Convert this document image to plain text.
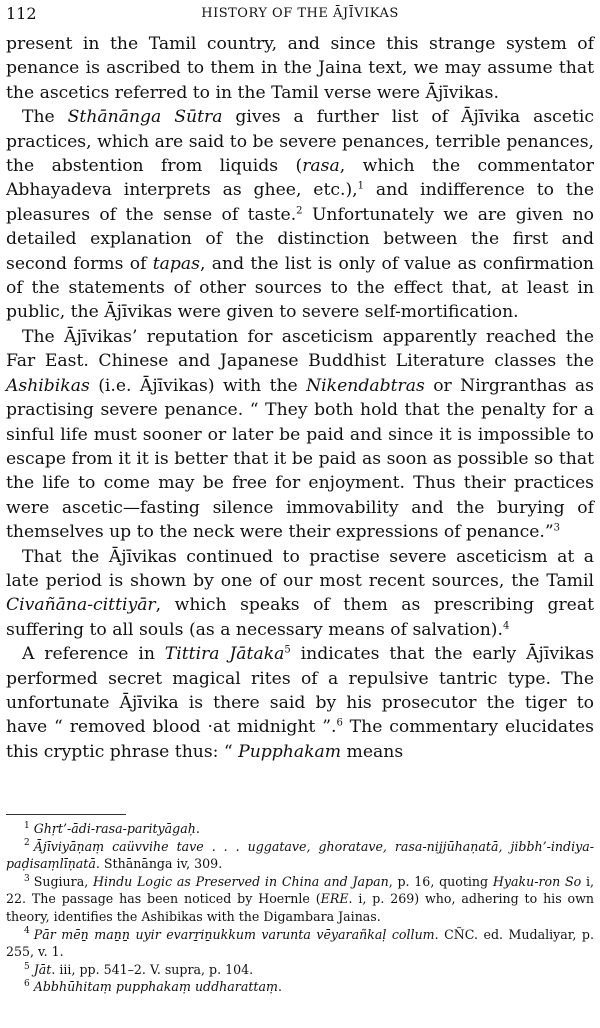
112	HISTORY OF THE ĀJĪVIKAS

present in the Tamil country, and since this strange system of penance is ascribed to them in the Jaina text, we may assume that the ascetics referred to in the Tamil verse were Ājīvikas.

The Sthānānga Sūtra gives a further list of Ājīvika ascetic practices, which are said to be severe penances, terrible penances, the abstention from liquids (rasa, which the commentator Abhayadeva interprets as ghee, etc.),$^1$ and indifference to the pleasures of the sense of taste.$^2$ Unfortunately we are given no detailed explanation of the distinction between the first and second forms of tapas, and the list is only of value as confirmation of the statements of other sources to the effect that, at least in public, the Ājīvikas were given to severe self-mortification.

The Ājīvikas’ reputation for asceticism apparently reached the Far East. Chinese and Japanese Buddhist Literature classes the Ashibikas (i.e. Ājīvikas) with the Nikendabtras or Nirgranthas as practising severe penance. “ They both hold that the penalty for a sinful life must sooner or later be paid and since it is impossible to escape from it it is better that it be paid as soon as possible so that the life to come may be free for enjoyment. Thus their practices were ascetic—fasting silence immovability and the burying of themselves up to the neck were their expressions of penance.”$^3$

That the Ājīvikas continued to practise severe asceticism at a late period is shown by one of our most recent sources, the Tamil Civañāna-cittiyār, which speaks of them as prescribing great suffering to all souls (as a necessary means of salvation).$^4$

A reference in Tittira Jātaka$^5$ indicates that the early Ājīvikas performed secret magical rites of a repulsive tantric type. The unfortunate Ājīvika is there said by his prosecutor the tiger to have “ removed blood ·at midnight ”.$^6$ The commentary elucidates this cryptic phrase thus: “ Pupphakam means

$^1$ Ghṛt’-ādi-rasa-parityāgaḥ.

$^2$ Ājīviyāṇaṃ caüvvihe tave . . . uggatave, ghoratave, rasa-nijjūhaṇatā, jibbh’-indiya-paḍisaṃlīṇatā. Sthānānga iv, 309.

$^3$ Sugiura, Hindu Logic as Preserved in China and Japan, p. 16, quoting Hyaku-ron So i, 22. The passage has been noticed by Hoernle (ERE. i, p. 269) who, adhering to his own theory, identifies the Ashibikas with the Digambara Jainas.

$^4$ Pār mēṉ maṉṉ uyir evarṟiṉukkum varunta vēyarañkaḷ collum. CÑC. ed. Mudaliyar, p. 255, v. 1.

$^5$ Jāt. iii, pp. 541–2. V. supra, p. 104.

$^6$ Abbhūhitaṃ pupphakaṃ uddharattaṃ.
